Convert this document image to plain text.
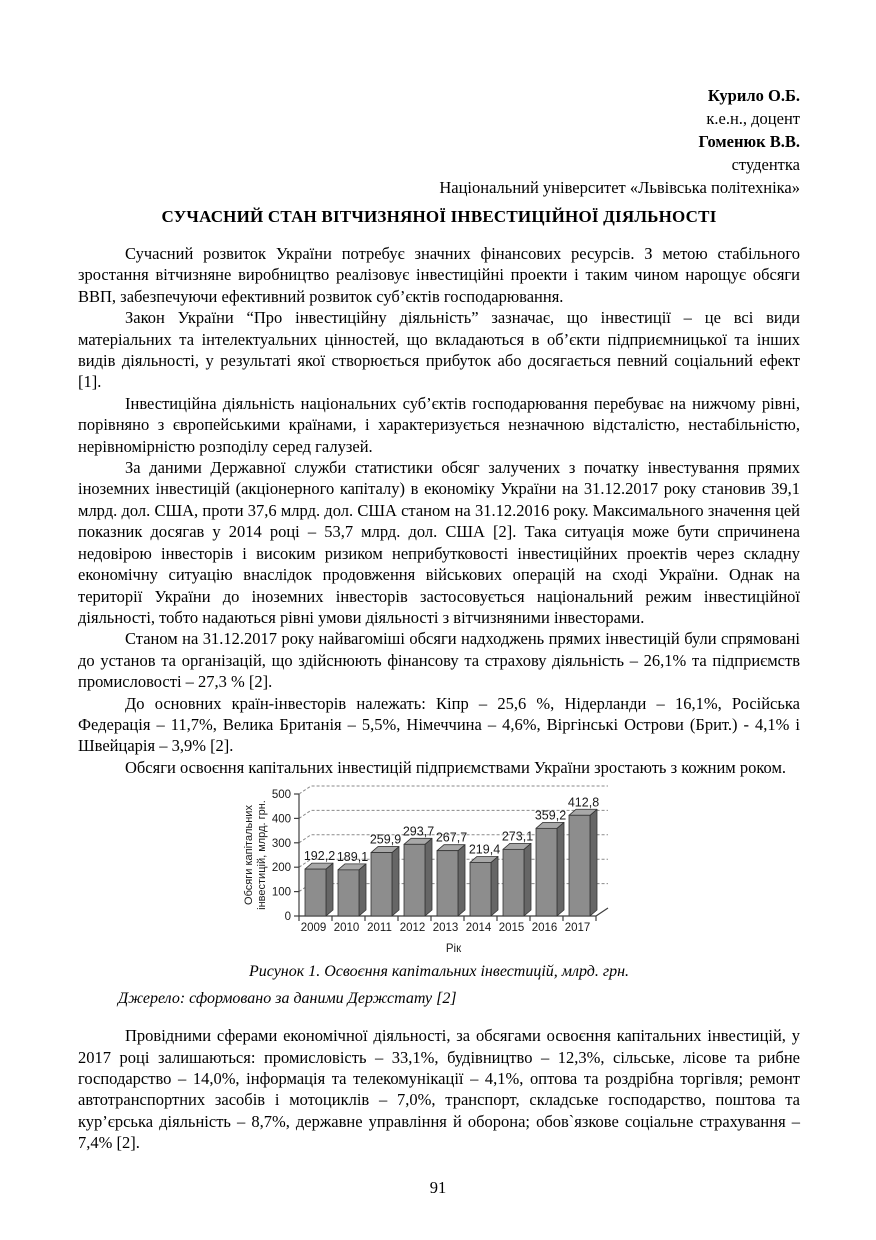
Курило О.Б.
к.е.н., доцент
Гоменюк В.В.
студентка
Національний університет «Львівська політехніка»
СУЧАСНИЙ СТАН ВІТЧИЗНЯНОЇ ІНВЕСТИЦІЙНОЇ ДІЯЛЬНОСТІ

Сучасний розвиток України потребує значних фінансових ресурсів. З метою стабільного зростання вітчизняне виробництво реалізовує інвестиційні проекти і таким чином нарощує обсяги ВВП, забезпечуючи ефективний розвиток суб’єктів господарювання.

Закон України “Про інвестиційну діяльність” зазначає, що інвестиції – це всі види матеріальних та інтелектуальних цінностей, що вкладаються в об’єкти підприємницької та інших видів діяльності, у результаті якої створюється прибуток або досягається певний соціальний ефект [1].

Інвестиційна діяльність національних суб’єктів господарювання перебуває на нижчому рівні, порівняно з європейськими країнами, і характеризується незначною відсталістю, нестабільністю, нерівномірністю розподілу серед галузей.

За даними Державної служби статистики обсяг залучених з початку інвестування прямих іноземних інвестицій (акціонерного капіталу) в економіку України на 31.12.2017 року становив 39,1 млрд. дол. США, проти 37,6 млрд. дол. США станом на 31.12.2016 року. Максимального значення цей показник досягав у 2014 році – 53,7 млрд. дол. США [2]. Така ситуація може бути спричинена недовірою інвесторів і високим ризиком неприбутковості інвестиційних проектів через складну економічну ситуацію внаслідок продовження військових операцій на сході України. Однак на території України до іноземних інвесторів застосовується національний режим інвестиційної діяльності, тобто надаються рівні умови діяльності з вітчизняними інвесторами.

Станом на 31.12.2017 року найвагоміші обсяги надходжень прямих інвестицій були спрямовані до установ та організацій, що здійснюють фінансову та страхову діяльність – 26,1% та підприємств промисловості – 27,3 % [2].

До основних країн-інвесторів належать: Кіпр – 25,6 %, Нідерланди – 16,1%, Російська Федерація – 11,7%, Велика Британія – 5,5%, Німеччина – 4,6%, Віргінські Острови (Брит.) - 4,1% і Швейцарія – 3,9% [2].

Обсяги освоєння капітальних інвестицій підприємствами України зростають з кожним роком.

192,2 189,1
259,9
293,7 267,7
219,4
273,1
359,2
412,8
0
100
200
300
400
500
2009 2010 2011 2012 2013 2014 2015 2016 2017
Обсяги капітальних інвестицій, млрд. грн.
Рік
Рисунок 1. Освоєння капітальних інвестицій, млрд. грн.
Джерело: сформовано за даними Держстату [2]

Провідними сферами економічної діяльності, за обсягами освоєння капітальних інвестицій, у 2017 році залишаються: промисловість – 33,1%, будівництво – 12,3%, сільське, лісове та рибне господарство – 14,0%, інформація та телекомунікації – 4,1%, оптова та роздрібна торгівля; ремонт автотранспортних засобів і мотоциклів – 7,0%, транспорт, складське господарство, поштова та кур’єрська діяльність – 8,7%, державне управління й оборона; обов`язкове соціальне страхування – 7,4% [2].

91
